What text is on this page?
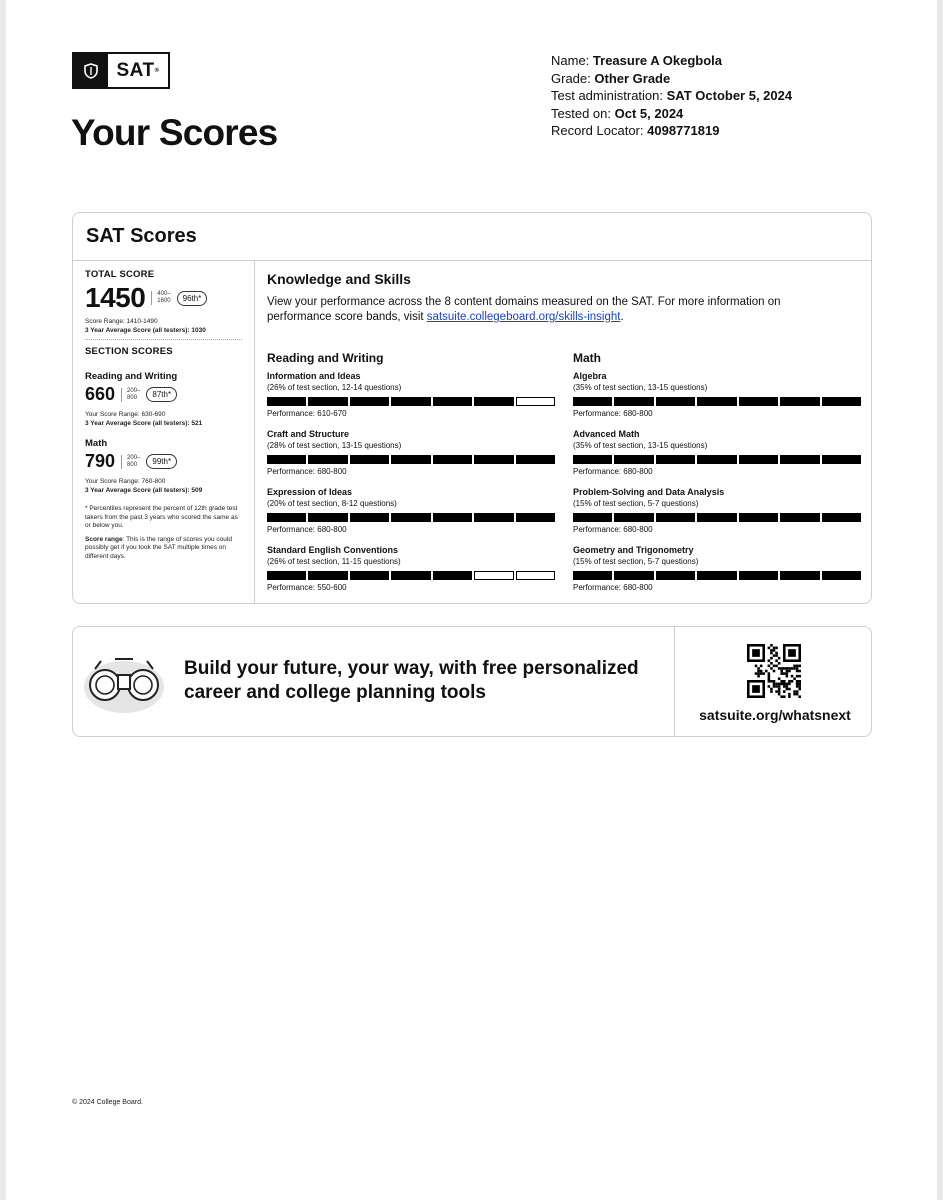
SAT ®
Your Scores
Name: Treasure A Okegbola
Grade: Other Grade
Test administration: SAT October 5, 2024
Tested on: Oct 5, 2024
Record Locator: 4098771819
SAT Scores
TOTAL SCORE
1450	400–
1600	96th*
Score Range: 1410-1490
3 Year Average Score (all testers): 1030
SECTION SCORES
Reading and Writing
660	200–
800	87th*
Your Score Range: 630-690
3 Year Average Score (all testers): 521
Math
790	200–
800	99th*
Your Score Range: 760-800
3 Year Average Score (all testers): 509
* Percentiles represent the percent of 12th grade test takers from the past 3 years who scored the same as or below you.
Score range: This is the range of scores you could possibly get if you took the SAT multiple times on different days.
Knowledge and Skills
View your performance across the 8 content domains measured on the SAT. For more information on performance score bands, visit satsuite.collegeboard.org/skills-insight.
Reading and Writing
Information and Ideas
(26% of test section, 12-14 questions)
Performance: 610-670
Craft and Structure
(28% of test section, 13-15 questions)
Performance: 680-800
Expression of Ideas
(20% of test section, 8-12 questions)
Performance: 680-800
Standard English Conventions
(26% of test section, 11-15 questions)
Performance: 550-600
Math
Algebra
(35% of test section, 13-15 questions)
Performance: 680-800
Advanced Math
(35% of test section, 13-15 questions)
Performance: 680-800
Problem-Solving and Data Analysis
(15% of test section, 5-7 questions)
Performance: 680-800
Geometry and Trigonometry
(15% of test section, 5-7 questions)
Performance: 680-800
Build your future, your way, with free personalized
career and college planning tools
satsuite.org/whatsnext
© 2024 College Board.
